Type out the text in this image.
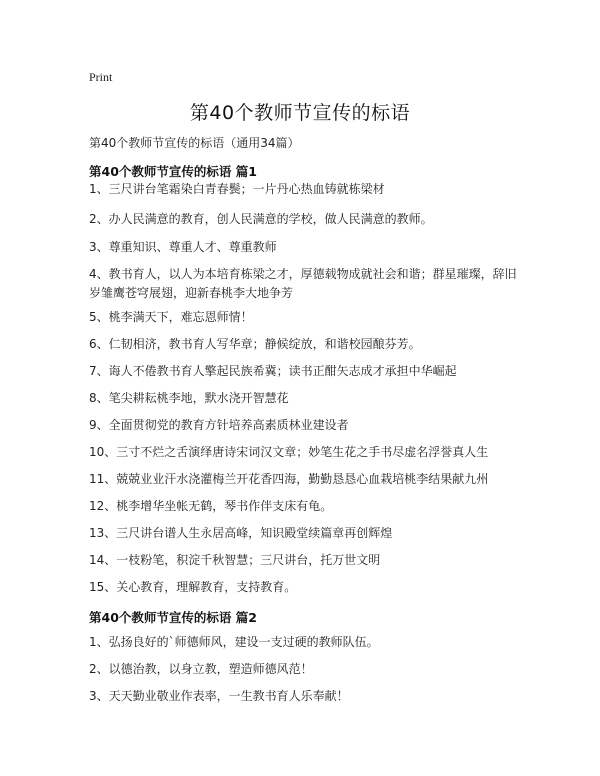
Print
第40个教师节宣传的标语
第40个教师节宣传的标语（通用34篇）
第40个教师节宣传的标语 篇1
1、三尺讲台笔霜染白青春鬓；一片丹心热血铸就栋梁材
2、办人民满意的教育，创人民满意的学校，做人民满意的教师。
3、尊重知识、尊重人才、尊重教师
4、教书育人，以人为本培育栋梁之才，厚德载物成就社会和谐；群星璀璨，辞旧岁雏鹰苍穹展翅，迎新春桃李大地争芳
5、桃李满天下，难忘恩师情！
6、仁韧相济，教书育人写华章；静候绽放，和谐校园酿芬芳。
7、诲人不倦教书育人擎起民族希冀；读书正酣矢志成才承担中华崛起
8、笔尖耕耘桃李地，默水浇开智慧花
9、全面贯彻党的教育方针培养高素质林业建设者
10、三寸不烂之舌演绎唐诗宋词汉文章；妙笔生花之手书尽虚名浮誉真人生
11、兢兢业业汗水浇灌梅兰开花香四海，勤勤恳恳心血栽培桃李结果献九州
12、桃李增华坐帐无鹤，琴书作伴支床有龟。
13、三尺讲台谱人生永居高峰，知识殿堂续篇章再创辉煌
14、一枝粉笔，积淀千秋智慧；三尺讲台，托万世文明
15、关心教育，理解教育，支持教育。
第40个教师节宣传的标语 篇2
1、弘扬良好的`师德师风，建设一支过硬的教师队伍。
2、以德治教，以身立教，塑造师德风范！
3、天天勤业敬业作表率，一生教书育人乐奉献！
